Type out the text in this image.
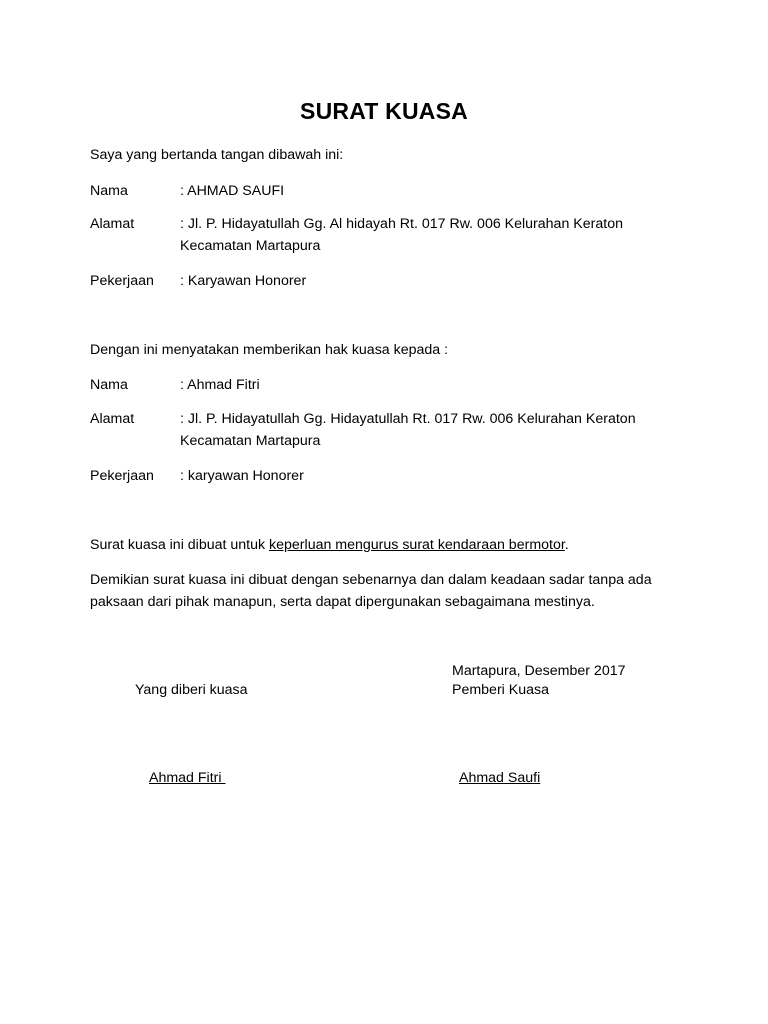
SURAT KUASA
Saya yang bertanda tangan dibawah ini:
Nama	: AHMAD SAUFI
Alamat	: Jl. P. Hidayatullah Gg. Al hidayah Rt. 017 Rw. 006 Kelurahan Keraton
Kecamatan Martapura
Pekerjaan	: Karyawan Honorer
Dengan ini menyatakan memberikan hak kuasa kepada :
Nama	: Ahmad Fitri
Alamat	: Jl. P. Hidayatullah Gg. Hidayatullah Rt. 017 Rw. 006 Kelurahan Keraton
Kecamatan Martapura
Pekerjaan	: karyawan Honorer
Surat kuasa ini dibuat untuk keperluan mengurus surat kendaraan bermotor.
Demikian surat kuasa ini dibuat dengan sebenarnya dan dalam keadaan sadar tanpa ada
paksaan dari pihak manapun, serta dapat dipergunakan sebagaimana mestinya.
Martapura, Desember 2017
Yang diberi kuasa	Pemberi Kuasa
Ahmad Fitri	Ahmad Saufi
